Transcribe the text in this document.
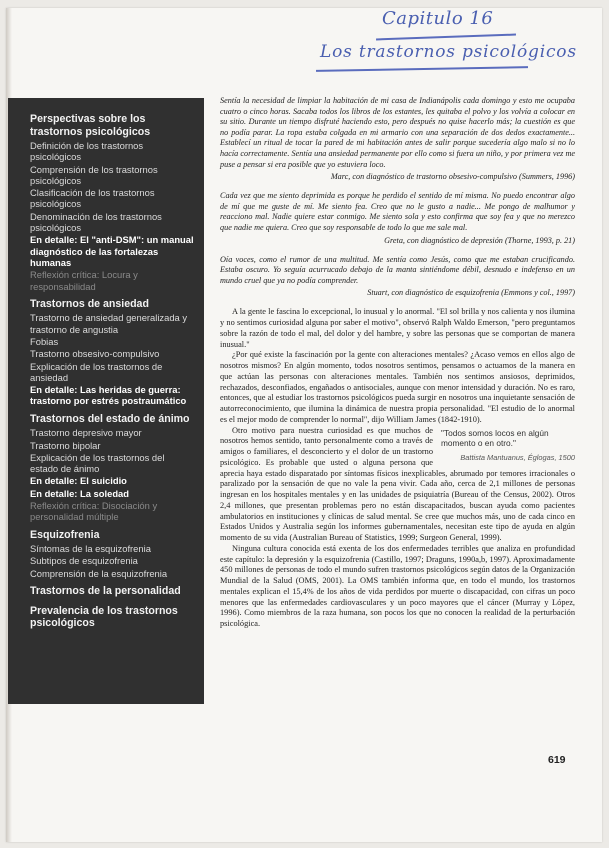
Capitulo 16
Los trastornos psicológicos
Perspectivas sobre los trastornos psicológicos
Definición de los trastornos psicológicos
Comprensión de los trastornos psicológicos
Clasificación de los trastornos psicológicos
Denominación de los trastornos psicológicos
En detalle: El "anti-DSM": un manual diagnóstico de las fortalezas humanas
Reflexión crítica: Locura y responsabilidad
Trastornos de ansiedad
Trastorno de ansiedad generalizada y trastorno de angustia
Fobias
Trastorno obsesivo-compulsivo
Explicación de los trastornos de ansiedad
En detalle: Las heridas de guerra: trastorno por estrés postraumático
Trastornos del estado de ánimo
Trastorno depresivo mayor
Trastorno bipolar
Explicación de los trastornos del estado de ánimo
En detalle: El suicidio
En detalle: La soledad
Reflexión crítica: Disociación y personalidad múltiple
Esquizofrenia
Síntomas de la esquizofrenia
Subtipos de esquizofrenia
Comprensión de la esquizofrenia
Trastornos de la personalidad
Prevalencia de los trastornos psicológicos
Sentía la necesidad de limpiar la habitación de mi casa de Indianápolis cada domingo y esto me ocupaba cuatro o cinco horas. Sacaba todos los libros de los estantes, les quitaba el polvo y los volvía a colocar en su sitio. Durante un tiempo disfruté haciendo esto, pero después no quise hacerlo más; la cuestión es que no podía parar. La ropa estaba colgada en mi armario con una separación de dos dedos exactamente... Establecí un ritual de tocar la pared de mi habitación antes de salir porque sucedería algo malo si no lo hacía correctamente. Sentía una ansiedad permanente por ello como si fuera un niño, y por primera vez me puse a pensar si era posible que yo estuviera loco.
Marc, con diagnóstico de trastorno obsesivo-compulsivo (Summers, 1996)
Cada vez que me siento deprimida es porque he perdido el sentido de mí misma. No puedo encontrar algo de mí que me guste de mí. Me siento fea. Creo que no le gusto a nadie... Me pongo de malhumor y reacciono mal. Nadie quiere estar conmigo. Me siento sola y esto confirma que soy fea y que no merezco que nadie me quiera. Creo que soy responsable de todo lo que me sale mal.
Greta, con diagnóstico de depresión (Thorne, 1993, p. 21)
Oía voces, como el rumor de una multitud. Me sentía como Jesús, como que me estaban crucificando. Estaba oscuro. Yo seguía acurrucado debajo de la manta sintiéndome débil, desnudo e indefenso en un mundo cruel que ya no podía comprender.
Stuart, con diagnóstico de esquizofrenia (Emmons y col., 1997)

A la gente le fascina lo excepcional, lo inusual y lo anormal. "El sol brilla y nos calienta y nos ilumina y no sentimos curiosidad alguna por saber el motivo", observó Ralph Waldo Emerson, "pero preguntamos sobre la razón de todo el mal, del dolor y del hambre, y sobre las personas que se comportan de manera inusual."

¿Por qué existe la fascinación por la gente con alteraciones mentales? ¿Acaso vemos en ellos algo de nosotros mismos? En algún momento, todos nosotros sentimos, pensamos o actuamos de la manera en que actúan las personas con alteraciones mentales. También nos sentimos ansiosos, deprimidos, rechazados, desconfiados, engañados o antisociales, aunque con menor intensidad y duración. No es raro, entonces, que al estudiar los trastornos psicológicos pueda surgir en nosotros una inquietante sensación de autorreconocimiento, que ilumina la dinámica de nuestra propia personalidad. "El estudio de lo anormal es el mejor modo de comprender lo normal", dijo William James (1842-1910).

"Todos somos locos en algún momento o en otro."
Battista Mantuanus, Églogas, 1500

Otro motivo para nuestra curiosidad es que muchos de nosotros hemos sentido, tanto personalmente como a través de amigos o familiares, el desconcierto y el dolor de un trastorno psicológico. Es probable que usted o alguna persona que aprecia haya estado disparatado por síntomas físicos inexplicables, abrumado por temores irracionales o paralizado por la sensación de que no vale la pena vivir. Cada año, cerca de 2,1 millones de personas ingresan en los hospitales mentales y en las unidades de psiquiatría (Bureau of the Census, 2002). Otros 2,4 millones, que presentan problemas pero no están discapacitados, buscan ayuda como pacientes ambulatorios en instituciones y clínicas de salud mental. Se cree que muchos más, uno de cada cinco en Estados Unidos y Australia según los informes gubernamentales, necesitan este tipo de ayuda en algún momento de su vida (Australian Bureau of Statistics, 1999; Surgeon General, 1999).

Ninguna cultura conocida está exenta de los dos enfermedades terribles que analiza en profundidad este capítulo: la depresión y la esquizofrenia (Castillo, 1997; Draguns, 1990a,b, 1997). Aproximadamente 450 millones de personas de todo el mundo sufren trastornos psicológicos según datos de la Organización Mundial de la Salud (OMS, 2001). La OMS también informa que, en todo el mundo, los trastornos mentales explican el 15,4% de los años de vida perdidos por muerte o discapacidad, con cifras un poco menores que las enfermedades cardiovasculares y un poco mayores que el cáncer (Murray y López, 1996). Como miembros de la raza humana, son pocos los que no conocen la realidad de la perturbación psicológica.

619
